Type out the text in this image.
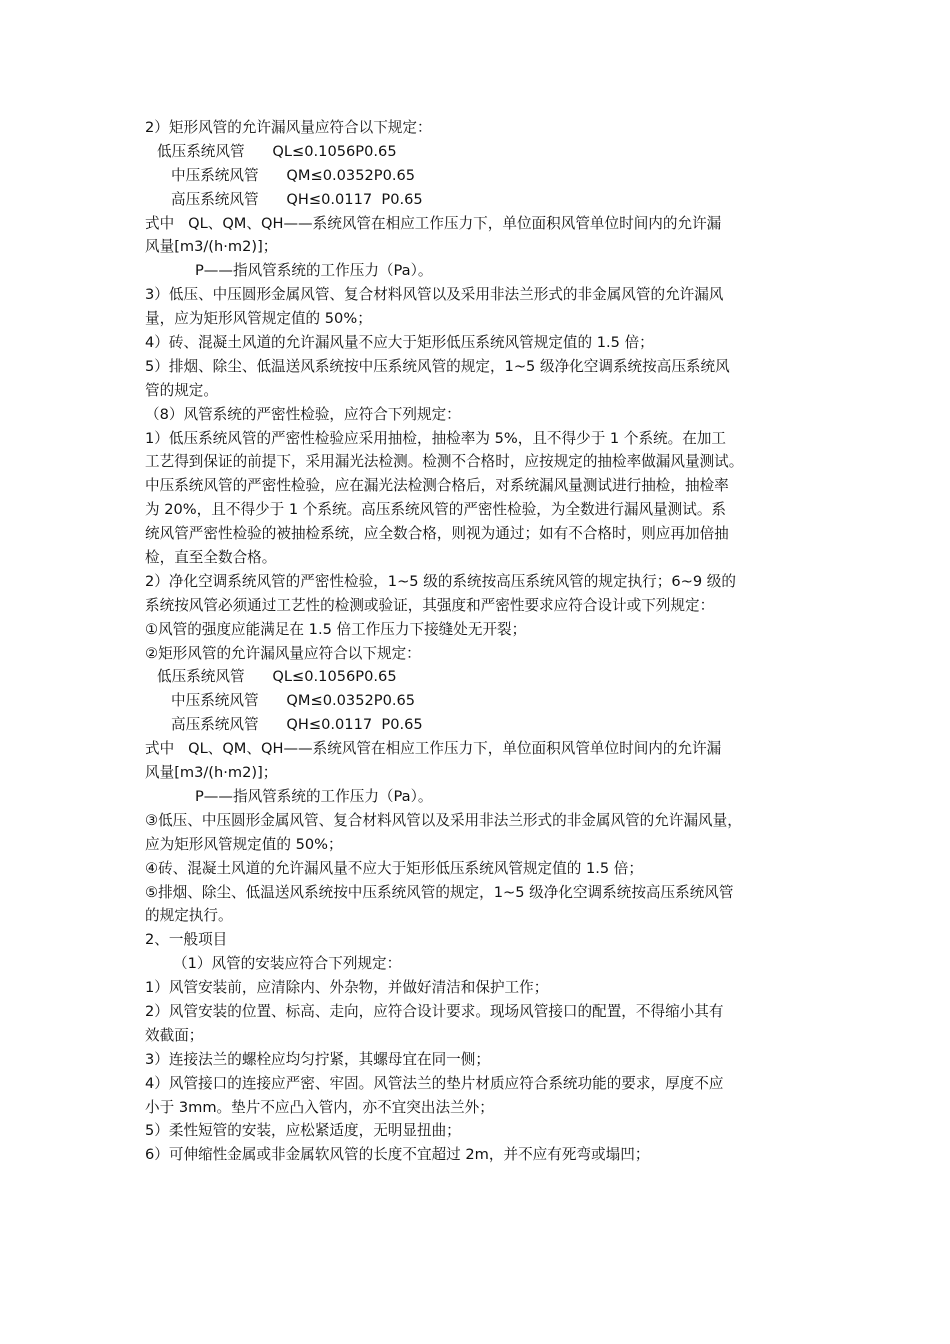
2）矩形风管的允许漏风量应符合以下规定：
低压系统风管      QL≤0.1056P0.65
中压系统风管      QM≤0.0352P0.65
高压系统风管      QH≤0.0117  P0.65
式中   QL、QM、QH——系统风管在相应工作压力下，单位面积风管单位时间内的允许漏
风量[m3/(h·m2)]；
P——指风管系统的工作压力（Pa）。
3）低压、中压圆形金属风管、复合材料风管以及采用非法兰形式的非金属风管的允许漏风
量，应为矩形风管规定值的 50%；
4）砖、混凝土风道的允许漏风量不应大于矩形低压系统风管规定值的 1.5 倍；
5）排烟、除尘、低温送风系统按中压系统风管的规定，1~5 级净化空调系统按高压系统风
管的规定。
（8）风管系统的严密性检验，应符合下列规定：
1）低压系统风管的严密性检验应采用抽检，抽检率为 5%，且不得少于 1 个系统。在加工
工艺得到保证的前提下，采用漏光法检测。检测不合格时，应按规定的抽检率做漏风量测试。
中压系统风管的严密性检验，应在漏光法检测合格后，对系统漏风量测试进行抽检，抽检率
为 20%，且不得少于 1 个系统。高压系统风管的严密性检验，为全数进行漏风量测试。系
统风管严密性检验的被抽检系统，应全数合格，则视为通过；如有不合格时，则应再加倍抽
检，直至全数合格。
2）净化空调系统风管的严密性检验，1~5 级的系统按高压系统风管的规定执行；6~9 级的
系统按风管必须通过工艺性的检测或验证，其强度和严密性要求应符合设计或下列规定：
①风管的强度应能满足在 1.5 倍工作压力下接缝处无开裂；
②矩形风管的允许漏风量应符合以下规定：
低压系统风管      QL≤0.1056P0.65
中压系统风管      QM≤0.0352P0.65
高压系统风管      QH≤0.0117  P0.65
式中   QL、QM、QH——系统风管在相应工作压力下，单位面积风管单位时间内的允许漏
风量[m3/(h·m2)]；
P——指风管系统的工作压力（Pa）。
③低压、中压圆形金属风管、复合材料风管以及采用非法兰形式的非金属风管的允许漏风量，
应为矩形风管规定值的 50%；
④砖、混凝土风道的允许漏风量不应大于矩形低压系统风管规定值的 1.5 倍；
⑤排烟、除尘、低温送风系统按中压系统风管的规定，1~5 级净化空调系统按高压系统风管
的规定执行。
2、一般项目
（1）风管的安装应符合下列规定：
1）风管安装前，应清除内、外杂物，并做好清洁和保护工作；
2）风管安装的位置、标高、走向，应符合设计要求。现场风管接口的配置，不得缩小其有
效截面；
3）连接法兰的螺栓应均匀拧紧，其螺母宜在同一侧；
4）风管接口的连接应严密、牢固。风管法兰的垫片材质应符合系统功能的要求，厚度不应
小于 3mm。垫片不应凸入管内，亦不宜突出法兰外；
5）柔性短管的安装，应松紧适度，无明显扭曲；
6）可伸缩性金属或非金属软风管的长度不宜超过 2m，并不应有死弯或塌凹；
